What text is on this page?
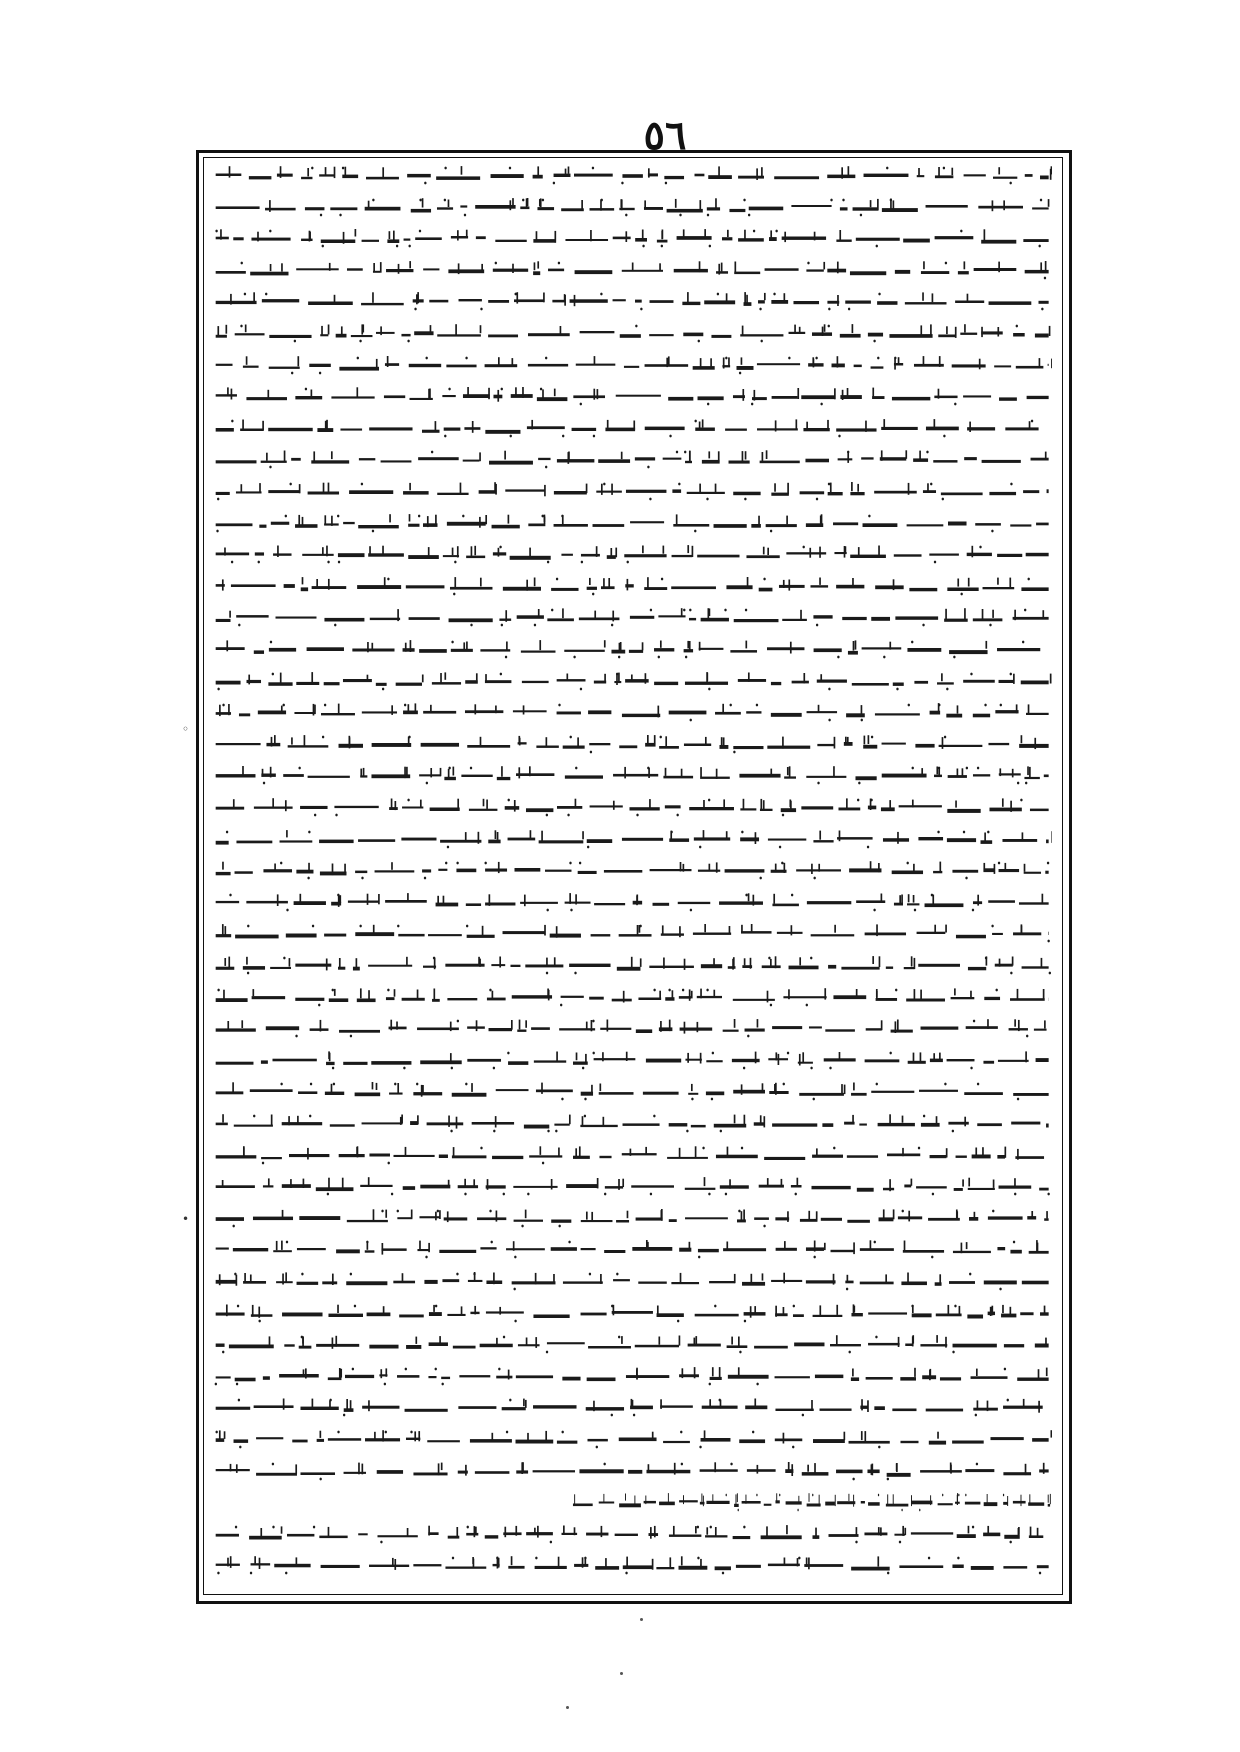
٥٦
◦
•
